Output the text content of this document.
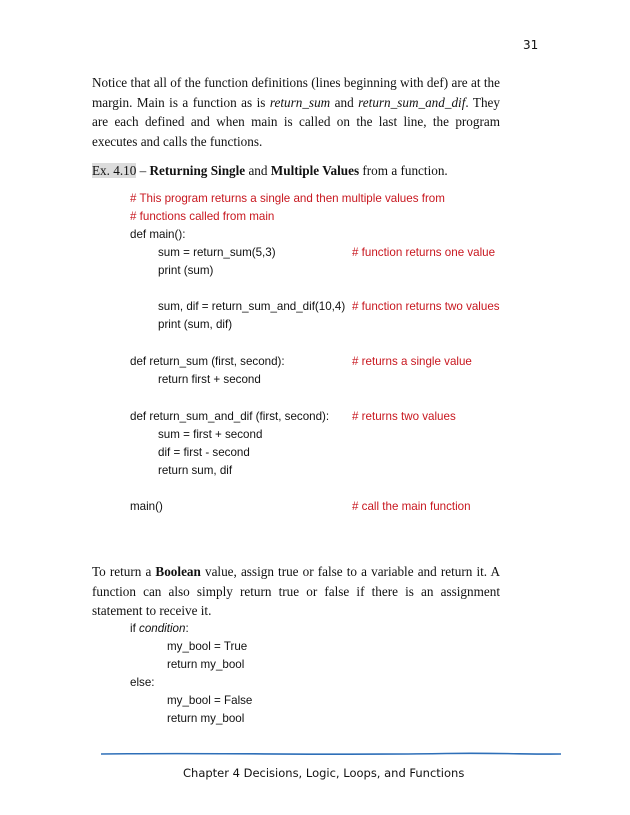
31

Notice that all of the function definitions (lines beginning with def) are at the margin. Main is a function as is return_sum and return_sum_and_dif. They are each defined and when main is called on the last line, the program executes and calls the functions.

Ex. 4.10 – Returning Single and Multiple Values from a function.
# This program returns a single and then multiple values from
# functions called from main
def main():
sum = return_sum(5,3)	# function returns one value
print (sum)
sum, dif = return_sum_and_dif(10,4) # function returns two values
print (sum, dif)
def return_sum (first, second):	# returns a single value
return first + second
def return_sum_and_dif (first, second): # returns two values
sum = first + second
dif = first - second
return sum, dif
main()	# call the main function

To return a Boolean value, assign true or false to a variable and return it. A function can also simply return true or false if there is an assignment statement to receive it.

if condition:
my_bool = True
return my_bool
else:
my_bool = False
return my_bool
Chapter 4 Decisions, Logic, Loops, and Functions
